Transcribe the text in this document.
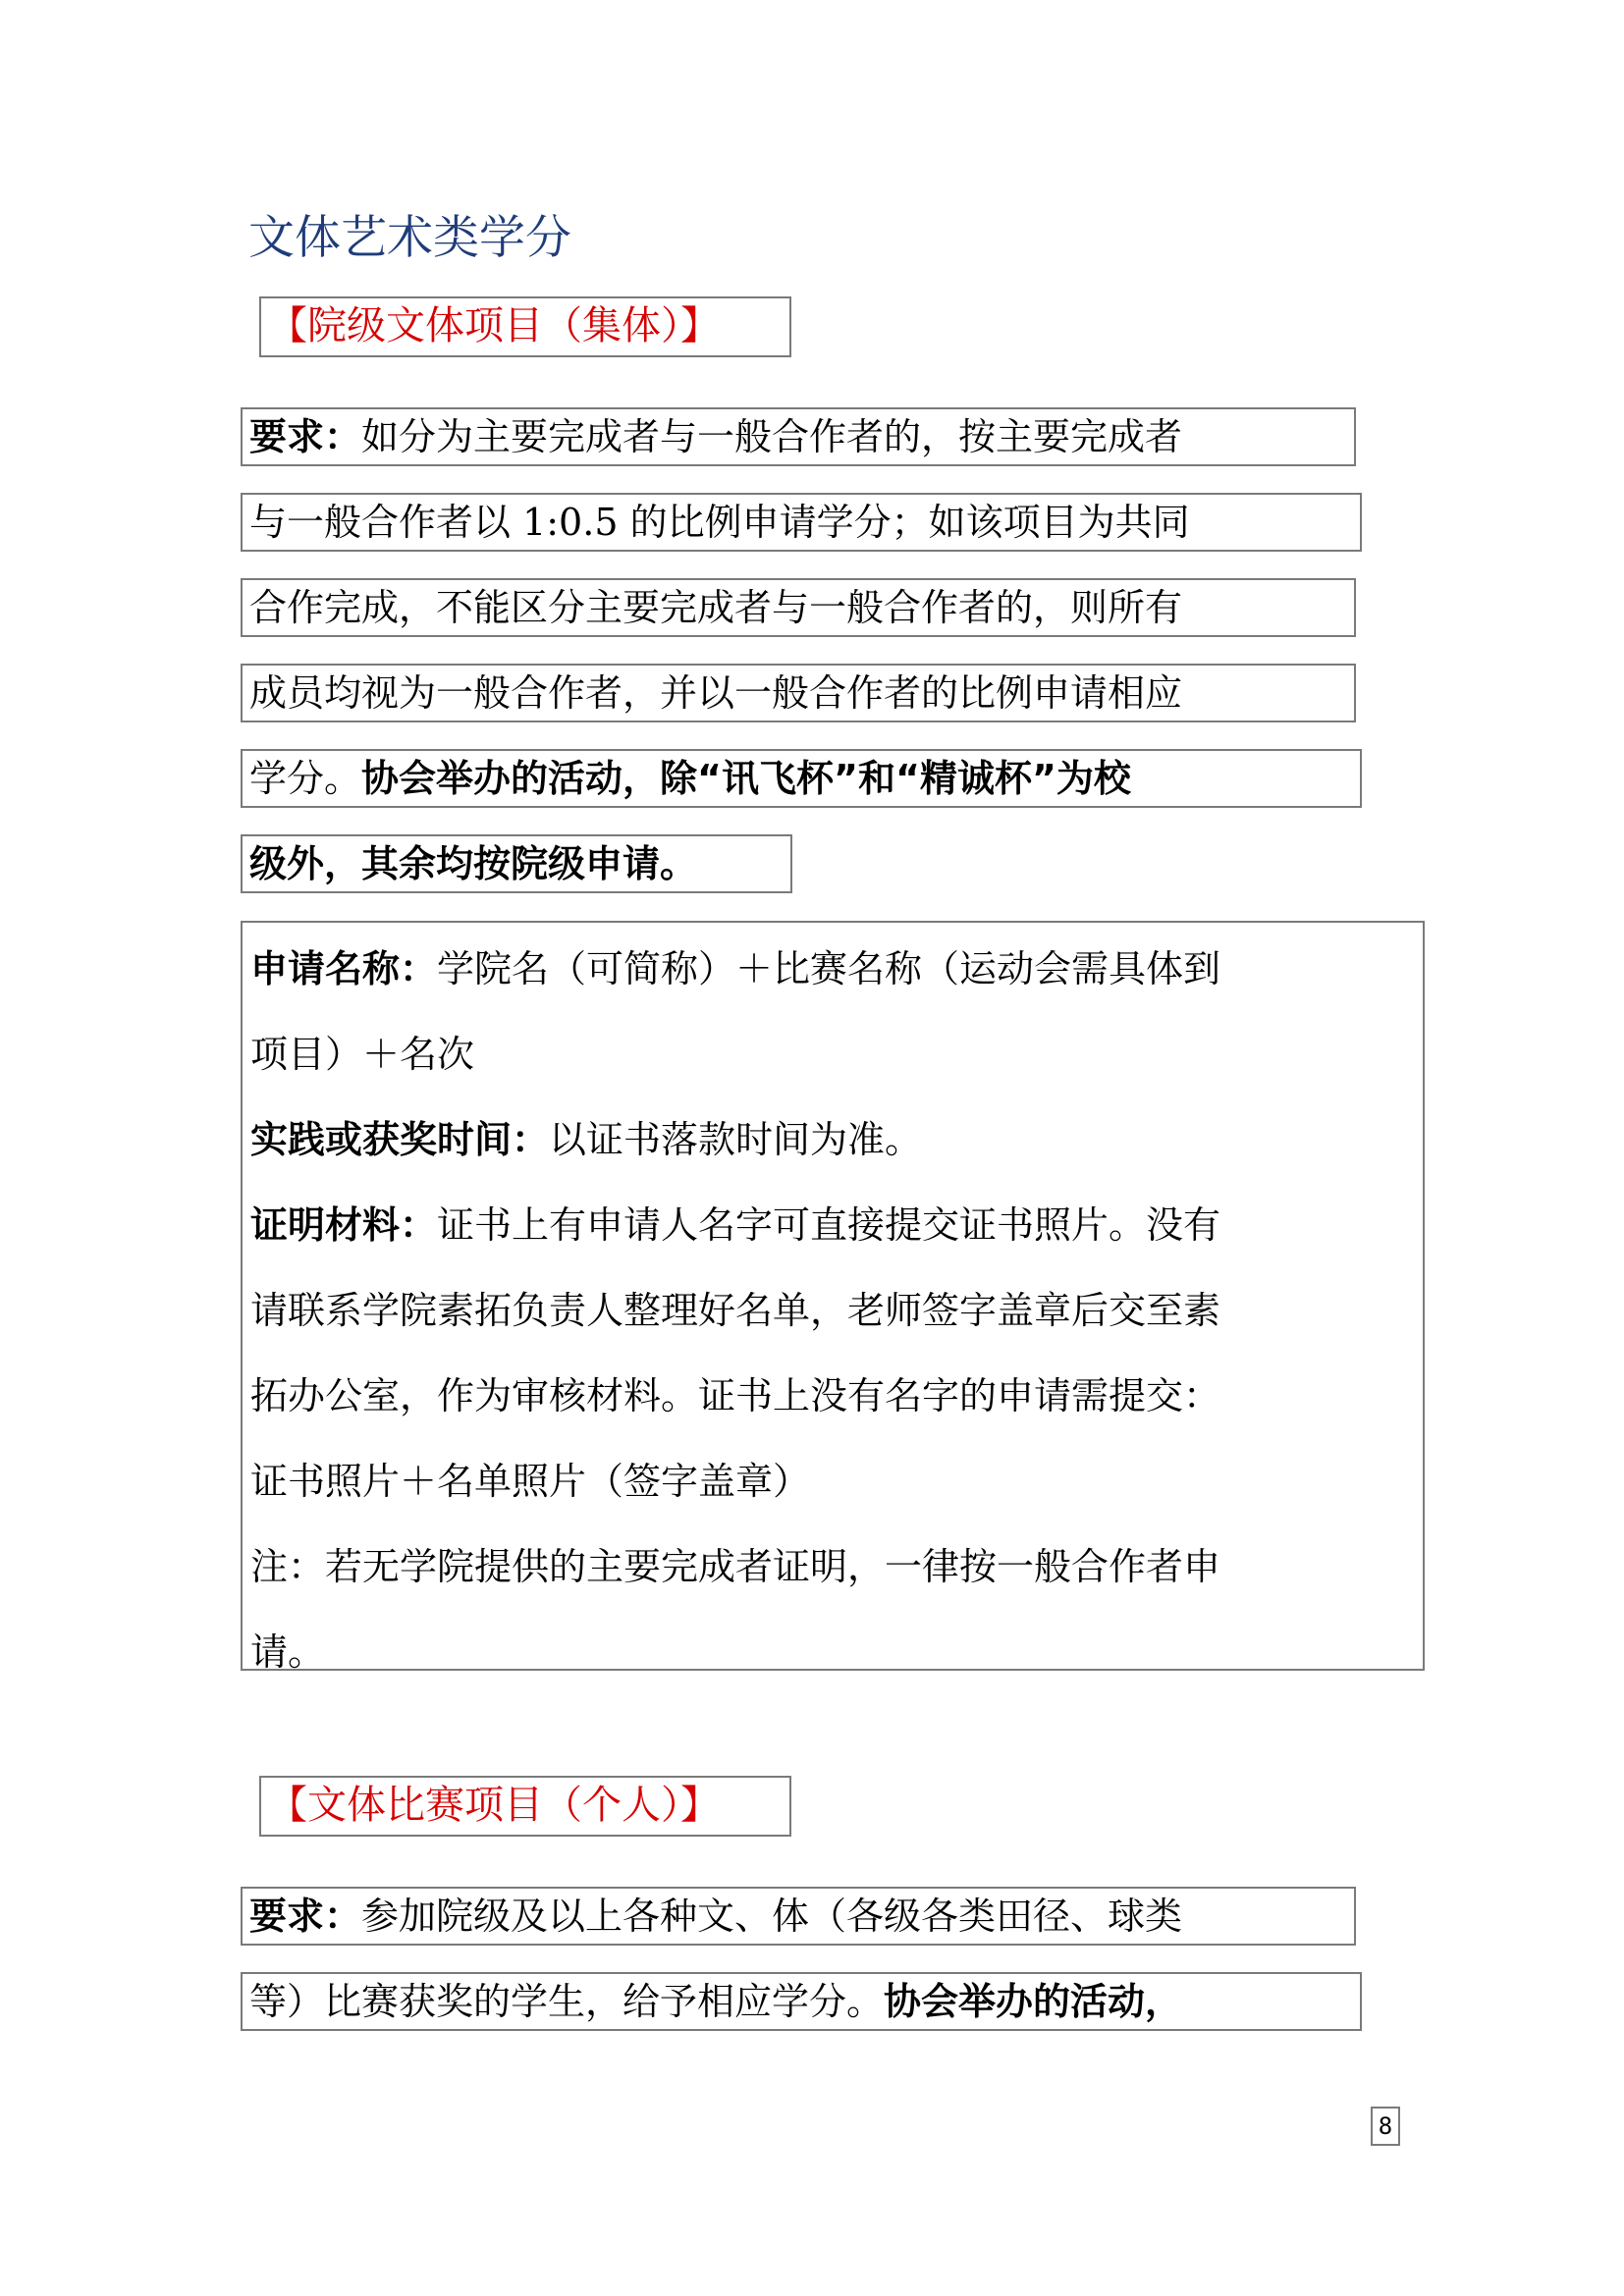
文体艺术类学分
【院级文体项目（集体）】
要求：如分为主要完成者与一般合作者的，按主要完成者
与一般合作者以 1:0.5 的比例申请学分；如该项目为共同
合作完成，不能区分主要完成者与一般合作者的，则所有
成员均视为一般合作者，并以一般合作者的比例申请相应
学分。协会举办的活动，除“讯飞杯”和“精诚杯”为校
级外，其余均按院级申请。

申请名称：学院名（可简称）＋比赛名称（运动会需具体到

项目）＋名次

实践或获奖时间：以证书落款时间为准。

证明材料：证书上有申请人名字可直接提交证书照片。没有

请联系学院素拓负责人整理好名单，老师签字盖章后交至素

拓办公室，作为审核材料。证书上没有名字的申请需提交：

证书照片＋名单照片（签字盖章）

注：若无学院提供的主要完成者证明，一律按一般合作者申

请。

【文体比赛项目（个人）】
要求：参加院级及以上各种文、体（各级各类田径、球类
等）比赛获奖的学生，给予相应学分。协会举办的活动，
8
